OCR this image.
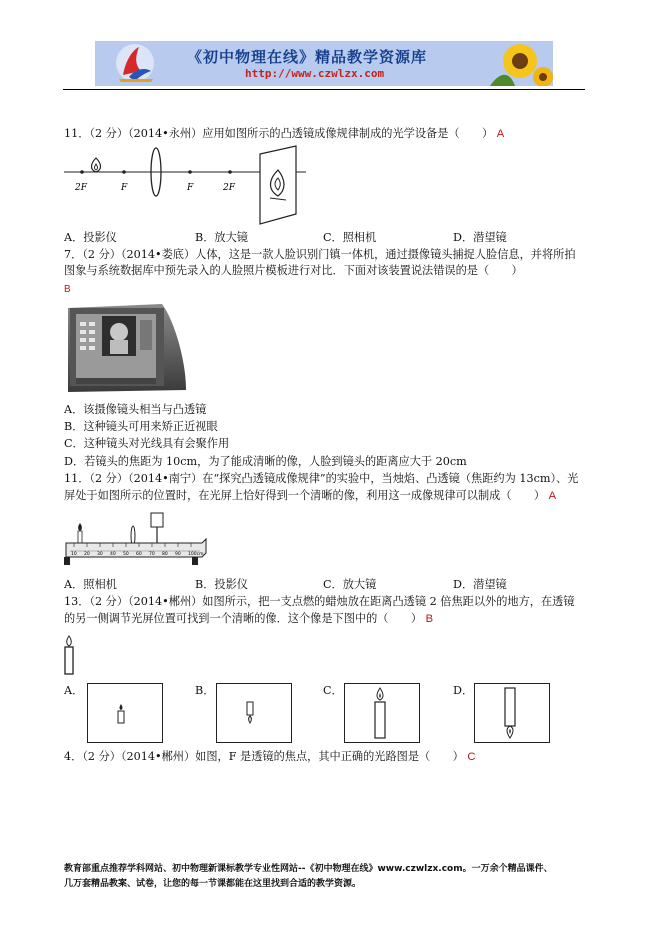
《初中物理在线》精品教学资源库
http://www.czwlzx.com
11．（2 分）（2014•永州）应用如图所示的凸透镜成像规律制成的光学设备是（　　） A
2F	F	F	2F
A．投影仪	B．放大镜	C．照相机	D．潜望镜
7．（2 分）（2014•娄底）人体，这是一款人脸识别门镇一体机，通过摄像镜头捕捉人脸信息，并将所拍
图象与系统数据库中预先录入的人脸照片模板进行对比．下面对该装置说法错误的是（　　）
B
A．该摄像镜头相当与凸透镜
B．这种镜头可用来矫正近视眼
C．这种镜头对光线具有会聚作用
D．若镜头的焦距为 10cm，为了能成清晰的像，人脸到镜头的距离应大于 20cm
11．（2 分）（2014•南宁）在“探究凸透镜成像规律”的实验中，当烛焰、凸透镜（焦距约为 13cm）、光
屏处于如图所示的位置时，在光屏上恰好得到一个清晰的像，利用这一成像规律可以制成（　　） A
10 20 30 40 50 60 70 80 90 100cm
A．照相机	B．投影仪	C．放大镜	D．潜望镜
13．（2 分）（2014•郴州）如图所示，把一支点燃的蜡烛放在距离凸透镜 2 倍焦距以外的地方，在透镜
的另一侧调节光屏位置可找到一个清晰的像．这个像是下图中的（　　） B
A．	B．	C．	D．
4．（2 分）（2014•郴州）如图，F 是透镜的焦点，其中正确的光路图是（　　） C
教育部重点推荐学科网站、初中物理新课标教学专业性网站--《初中物理在线》www.czwlzx.com。一万余个精品课件、
几万套精品教案、试卷，让您的每一节课都能在这里找到合适的教学资源。
